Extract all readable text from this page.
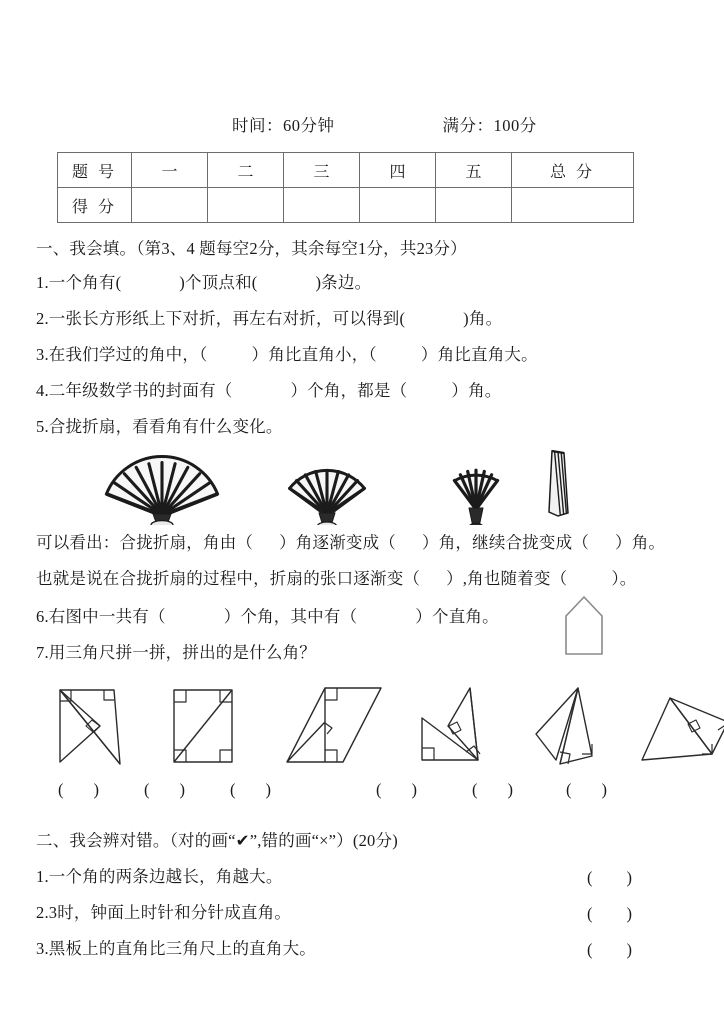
时间：60分钟	满分：100分
题 号	一	二	三	四	五	总 分
得 分						
一、我会填。（第3、4 题每空2分，其余每空1分，共23分）
1.一个角有(	)个顶点和(	)条边。
2.一张长方形纸上下对折，再左右对折，可以得到(	)角。
3.在我们学过的角中，（	）角比直角小，（	）角比直角大。
4.二年级数学书的封面有（	）个角，都是（	）角。
5.合拢折扇，看看角有什么变化。
可以看出：合拢折扇，角由（ ）角逐渐变成（ ）角，继续合拢变成（ ）角。
也就是说在合拢折扇的过程中，折扇的张口逐渐变（ ）,角也随着变（	）。
6.右图中一共有（	）个角，其中有（	）个直角。
7.用三角尺拼一拼，拼出的是什么角？
( )	( )	( )	( )	( )	( )
二、我会辨对错。（对的画“✔”,错的画“×”）(20分)
1.一个角的两条边越长，角越大。	( )
2.3时，钟面上时针和分针成直角。	( )
3.黑板上的直角比三角尺上的直角大。	( )
